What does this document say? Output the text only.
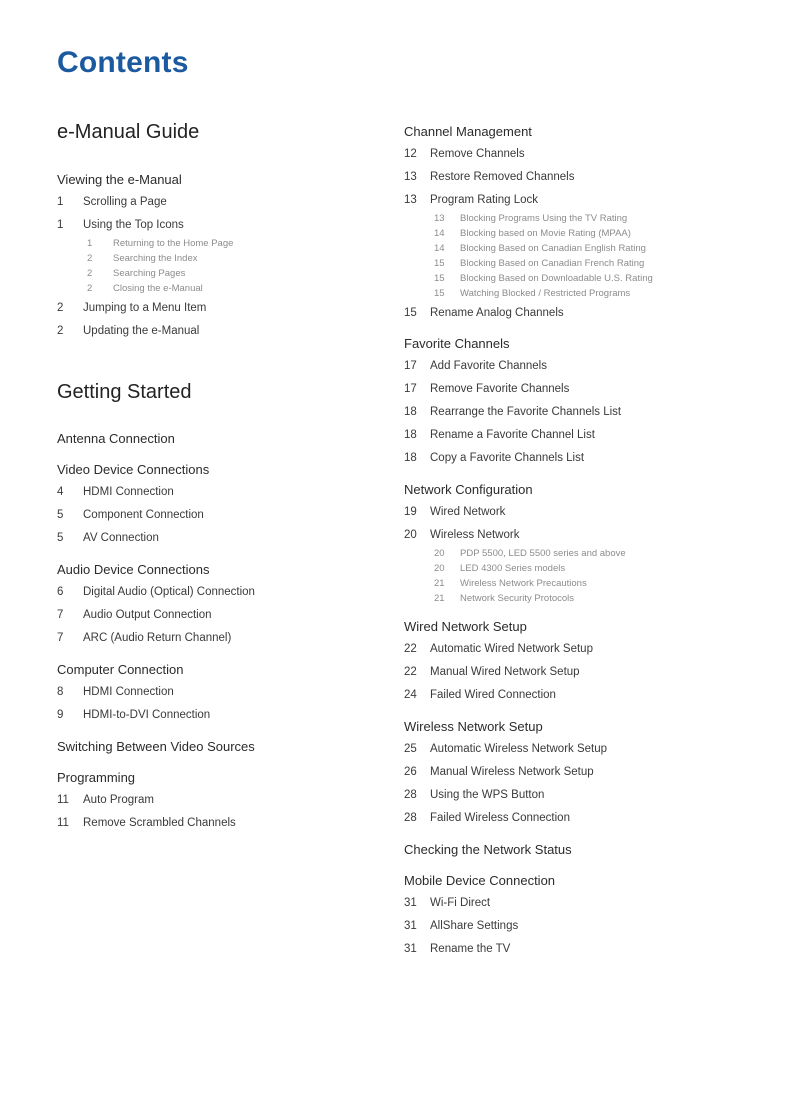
Contents
e-Manual Guide
Viewing the e-Manual
1 Scrolling a Page
1 Using the Top Icons
1 Returning to the Home Page
2 Searching the Index
2 Searching Pages
2 Closing the e-Manual
2 Jumping to a Menu Item
2 Updating the e-Manual
Getting Started
Antenna Connection
Video Device Connections
4 HDMI Connection
5 Component Connection
5 AV Connection
Audio Device Connections
6 Digital Audio (Optical) Connection
7 Audio Output Connection
7 ARC (Audio Return Channel)
Computer Connection
8 HDMI Connection
9 HDMI-to-DVI Connection
Switching Between Video Sources
Programming
11 Auto Program
11 Remove Scrambled Channels
Channel Management
12 Remove Channels
13 Restore Removed Channels
13 Program Rating Lock
13 Blocking Programs Using the TV Rating
14 Blocking based on Movie Rating (MPAA)
14 Blocking Based on Canadian English Rating
15 Blocking Based on Canadian French Rating
15 Blocking Based on Downloadable U.S. Rating
15 Watching Blocked / Restricted Programs
15 Rename Analog Channels
Favorite Channels
17 Add Favorite Channels
17 Remove Favorite Channels
18 Rearrange the Favorite Channels List
18 Rename a Favorite Channel List
18 Copy a Favorite Channels List
Network Configuration
19 Wired Network
20 Wireless Network
20 PDP 5500, LED 5500 series and above
20 LED 4300 Series models
21 Wireless Network Precautions
21 Network Security Protocols
Wired Network Setup
22 Automatic Wired Network Setup
22 Manual Wired Network Setup
24 Failed Wired Connection
Wireless Network Setup
25 Automatic Wireless Network Setup
26 Manual Wireless Network Setup
28 Using the WPS Button
28 Failed Wireless Connection
Checking the Network Status
Mobile Device Connection
31 Wi-Fi Direct
31 AllShare Settings
31 Rename the TV
